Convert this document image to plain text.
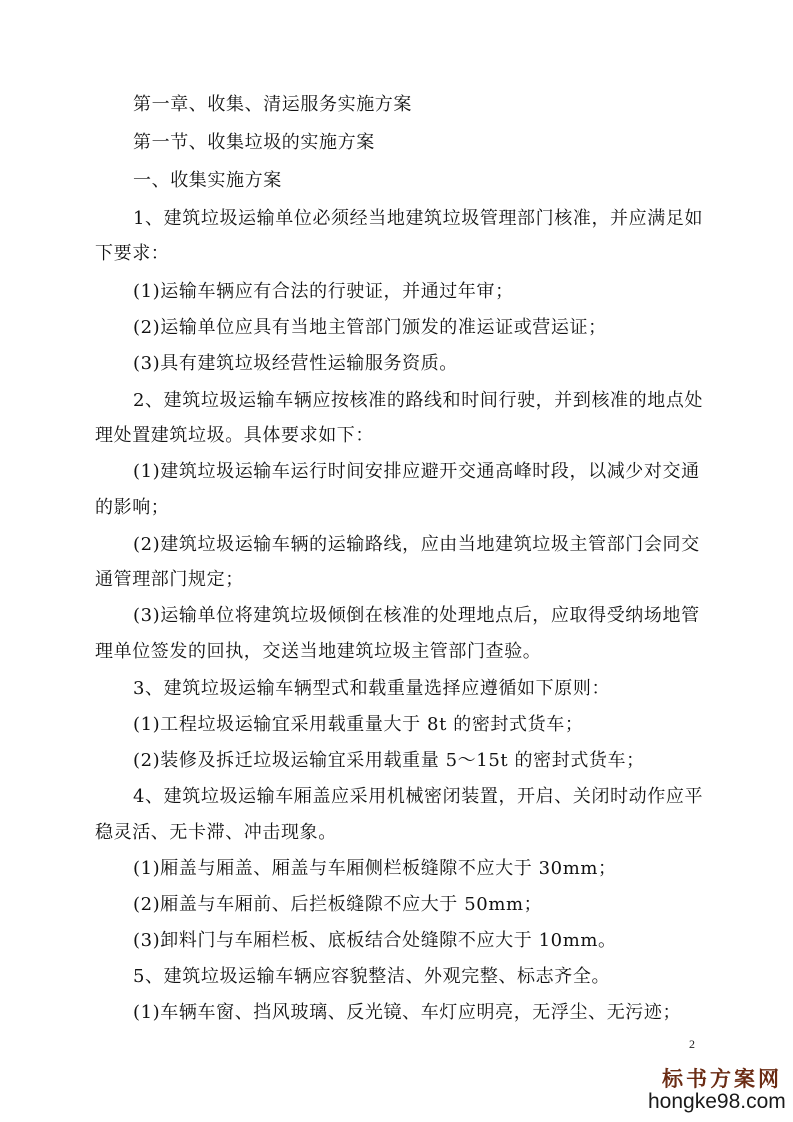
第一章、收集、清运服务实施方案
第一节、收集垃圾的实施方案
一、收集实施方案
1、建筑垃圾运输单位必须经当地建筑垃圾管理部门核准，并应满足如
下要求：
(1)运输车辆应有合法的行驶证，并通过年审；
(2)运输单位应具有当地主管部门颁发的准运证或营运证；
(3)具有建筑垃圾经营性运输服务资质。
2、建筑垃圾运输车辆应按核准的路线和时间行驶，并到核准的地点处
理处置建筑垃圾。具体要求如下：
(1)建筑垃圾运输车运行时间安排应避开交通高峰时段，以减少对交通
的影响；
(2)建筑垃圾运输车辆的运输路线，应由当地建筑垃圾主管部门会同交
通管理部门规定；
(3)运输单位将建筑垃圾倾倒在核准的处理地点后，应取得受纳场地管
理单位签发的回执，交送当地建筑垃圾主管部门查验。
3、建筑垃圾运输车辆型式和载重量选择应遵循如下原则：
(1)工程垃圾运输宜采用载重量大于 8t 的密封式货车；
(2)装修及拆迁垃圾运输宜采用载重量 5～15t 的密封式货车；
4、建筑垃圾运输车厢盖应采用机械密闭装置，开启、关闭时动作应平
稳灵活、无卡滞、冲击现象。
(1)厢盖与厢盖、厢盖与车厢侧栏板缝隙不应大于 30mm；
(2)厢盖与车厢前、后拦板缝隙不应大于 50mm；
(3)卸料门与车厢栏板、底板结合处缝隙不应大于 10mm。
5、建筑垃圾运输车辆应容貌整洁、外观完整、标志齐全。
(1)车辆车窗、挡风玻璃、反光镜、车灯应明亮，无浮尘、无污迹；
2
标书方案网
hongke98.com
